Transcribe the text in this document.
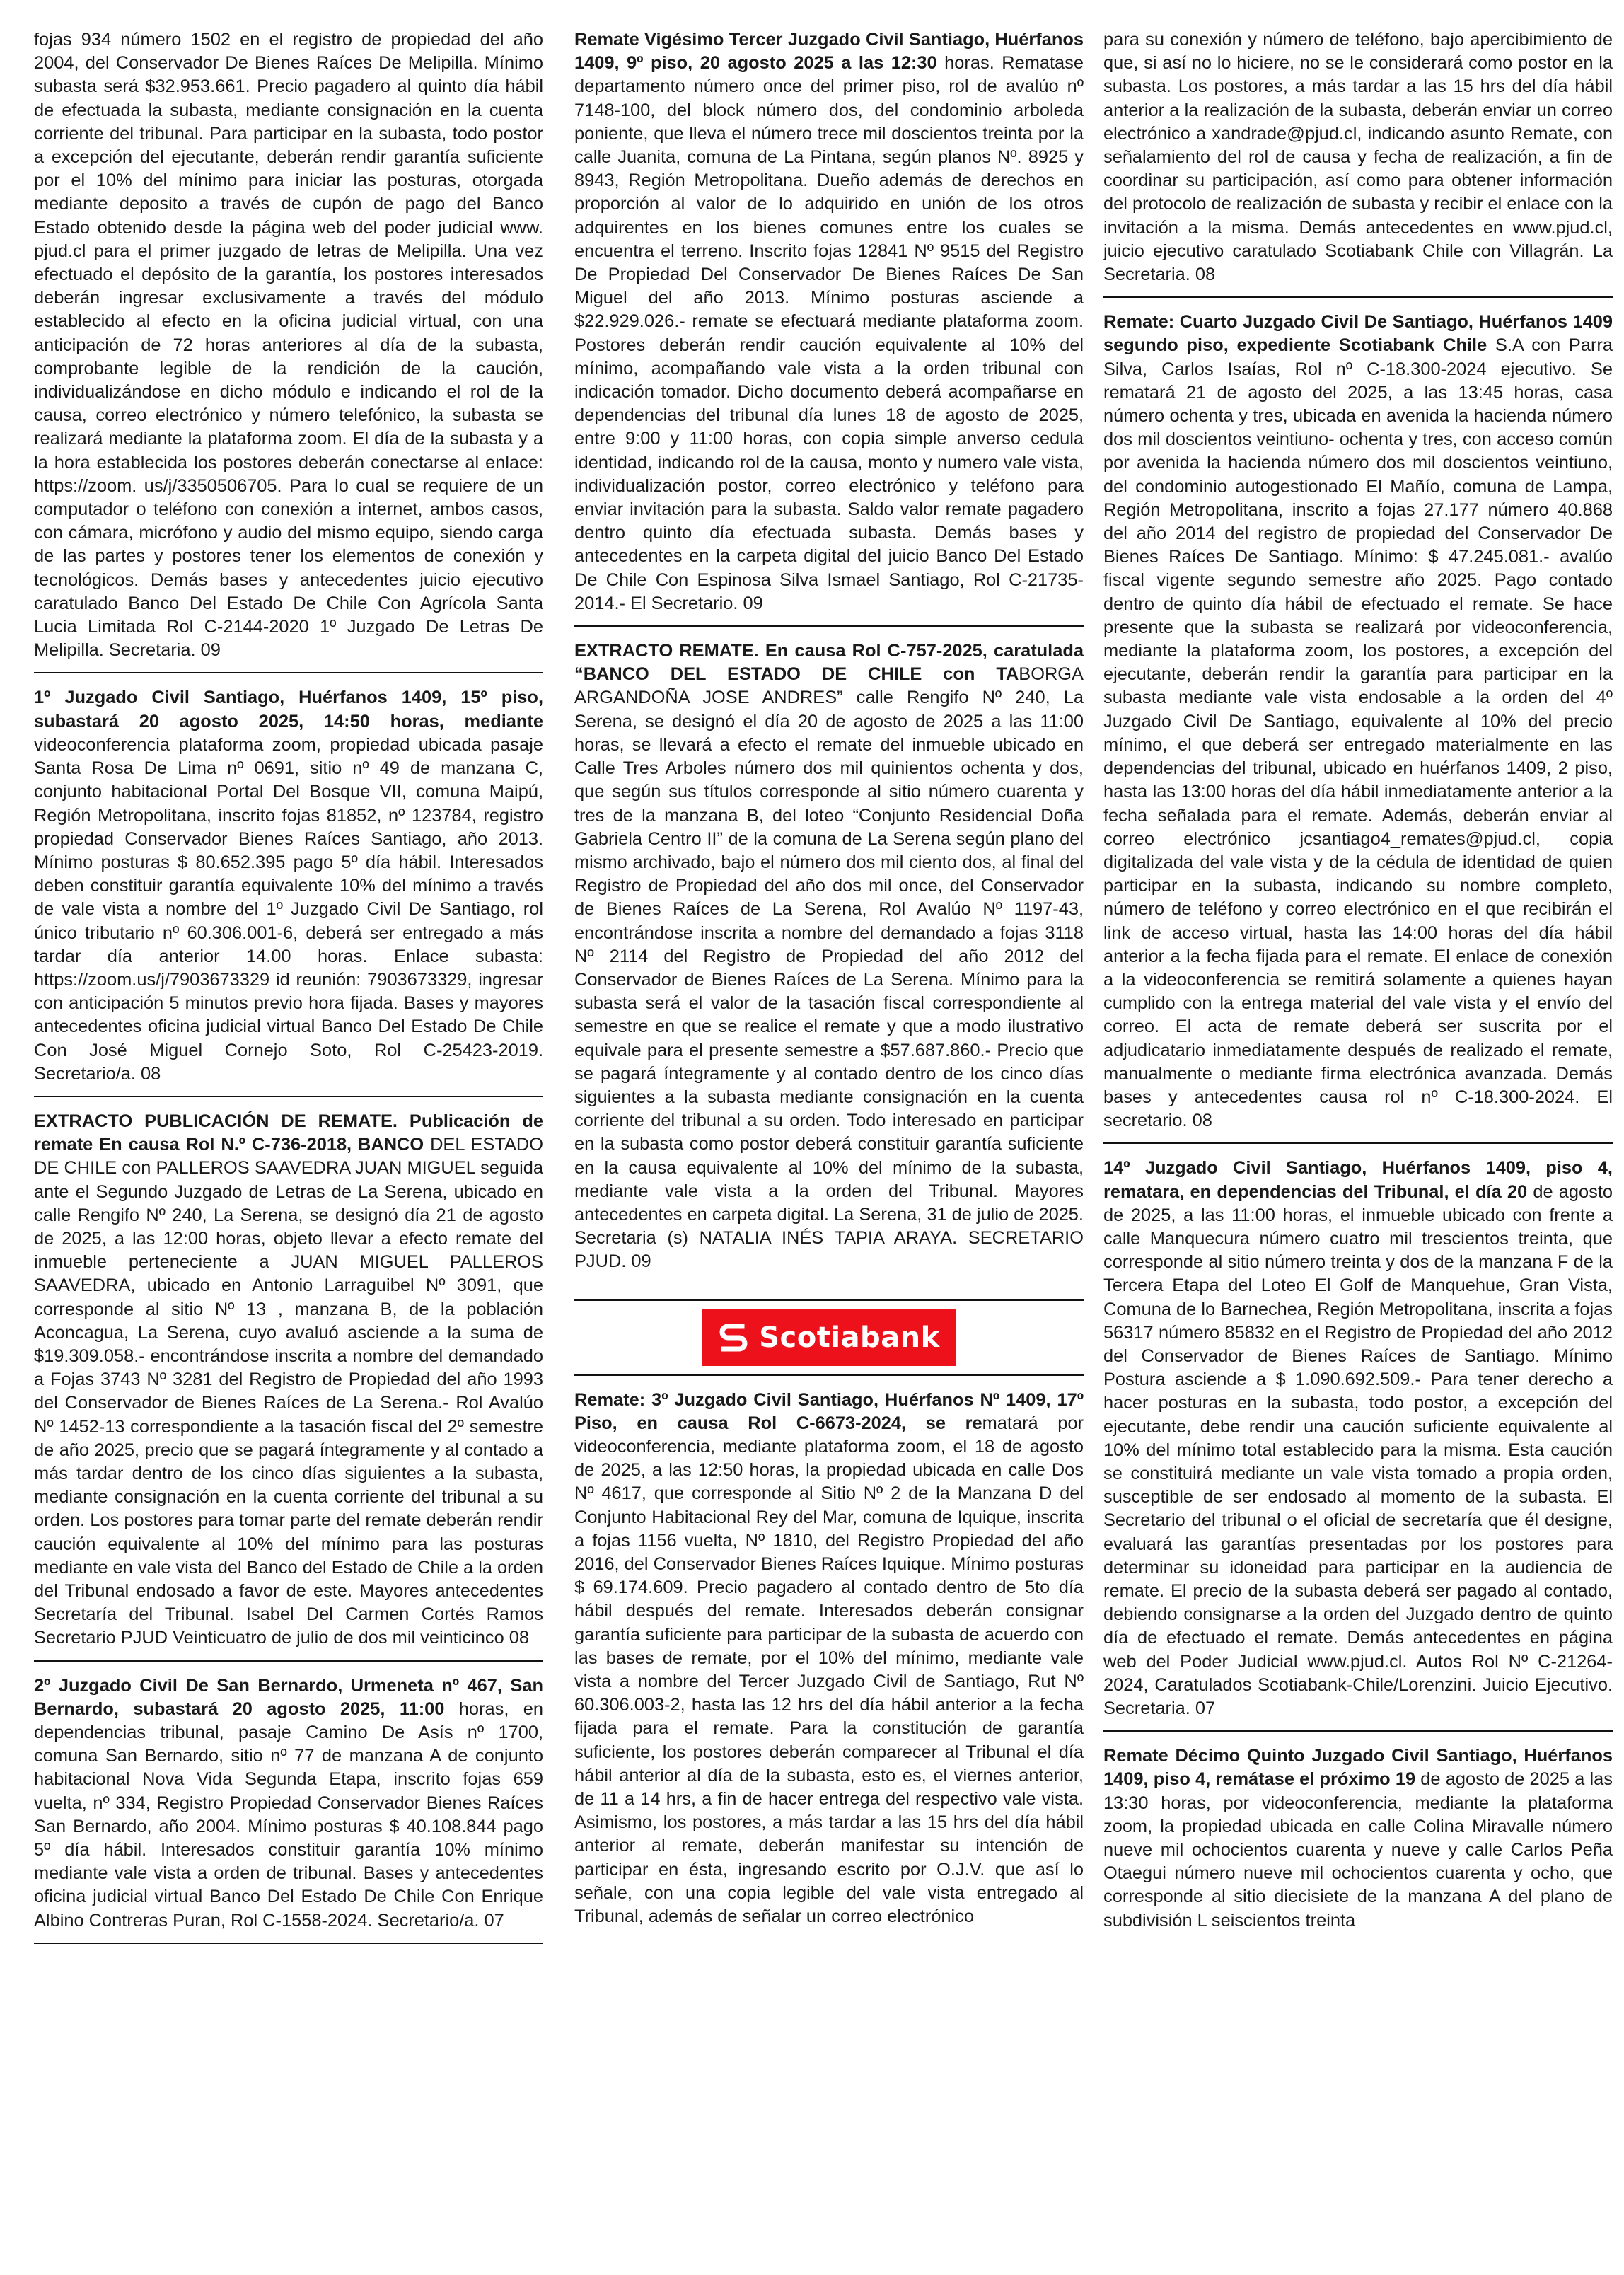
fojas 934 número 1502 en el registro de propiedad del año 2004, del Conservador De Bienes Raíces De Melipilla. Mínimo subasta será $32.953.661. Precio pagadero al quinto día hábil de efectuada la subasta, mediante consignación en la cuenta corriente del tribunal. Para participar en la subasta, todo postor a excepción del ejecutante, deberán rendir garantía suficiente por el 10% del mínimo para iniciar las posturas, otorgada mediante deposito a través de cupón de pago del Banco Estado obtenido desde la página web del poder judicial www. pjud.cl para el primer juzgado de letras de Melipilla. Una vez efectuado el depósito de la garantía, los postores interesados deberán ingresar exclusivamente a través del módulo establecido al efecto en la oficina judicial virtual, con una anticipación de 72 horas anteriores al día de la subasta, comprobante legible de la rendición de la caución, individualizándose en dicho módulo e indicando el rol de la causa, correo electrónico y número telefónico, la subasta se realizará mediante la plataforma zoom. El día de la subasta y a la hora establecida los postores deberán conectarse al enlace: https://zoom. us/j/3350506705. Para lo cual se requiere de un computador o teléfono con conexión a internet, ambos casos, con cámara, micrófono y audio del mismo equipo, siendo carga de las partes y postores tener los elementos de conexión y tecnológicos. Demás bases y antecedentes juicio ejecutivo caratulado Banco Del Estado De Chile Con Agrícola Santa Lucia Limitada Rol C-2144-2020 1º Juzgado De Letras De Melipilla. Secretaria. 09
1º Juzgado Civil Santiago, Huérfanos 1409, 15º piso, subastará 20 agosto 2025, 14:50 horas, mediante videoconferencia plataforma zoom, propiedad ubicada pasaje Santa Rosa De Lima nº 0691, sitio nº 49 de manzana C, conjunto habitacional Portal Del Bosque VII, comuna Maipú, Región Metropolitana, inscrito fojas 81852, nº 123784, registro propiedad Conservador Bienes Raíces Santiago, año 2013. Mínimo posturas $ 80.652.395 pago 5º día hábil. Interesados deben constituir garantía equivalente 10% del mínimo a través de vale vista a nombre del 1º Juzgado Civil De Santiago, rol único tributario nº 60.306.001-6, deberá ser entregado a más tardar día anterior 14.00 horas. Enlace subasta: https://zoom.us/j/7903673329 id reunión: 7903673329, ingresar con anticipación 5 minutos previo hora fijada. Bases y mayores antecedentes oficina judicial virtual Banco Del Estado De Chile Con José Miguel Cornejo Soto, Rol C-25423-2019. Secretario/a. 08
EXTRACTO PUBLICACIÓN DE REMATE. Publicación de remate En causa Rol N.º C-736-2018, BANCO DEL ESTADO DE CHILE con PALLEROS SAAVEDRA JUAN MIGUEL seguida ante el Segundo Juzgado de Letras de La Serena, ubicado en calle Rengifo Nº 240, La Serena, se designó día 21 de agosto de 2025, a las 12:00 horas, objeto llevar a efecto remate del inmueble perteneciente a JUAN MIGUEL PALLEROS SAAVEDRA, ubicado en Antonio Larraguibel Nº 3091, que corresponde al sitio Nº 13 , manzana B, de la población Aconcagua, La Serena, cuyo avaluó asciende a la suma de $19.309.058.- encontrándose inscrita a nombre del demandado a Fojas 3743 Nº 3281 del Registro de Propiedad del año 1993 del Conservador de Bienes Raíces de La Serena.- Rol Avalúo Nº 1452-13 correspondiente a la tasación fiscal del 2º semestre de año 2025, precio que se pagará íntegramente y al contado a más tardar dentro de los cinco días siguientes a la subasta, mediante consignación en la cuenta corriente del tribunal a su orden. Los postores para tomar parte del remate deberán rendir caución equivalente al 10% del mínimo para las posturas mediante en vale vista del Banco del Estado de Chile a la orden del Tribunal endosado a favor de este. Mayores antecedentes Secretaría del Tribunal. Isabel Del Carmen Cortés Ramos Secretario PJUD Veinticuatro de julio de dos mil veinticinco 08
2º Juzgado Civil De San Bernardo, Urmeneta nº 467, San Bernardo, subastará 20 agosto 2025, 11:00 horas, en dependencias tribunal, pasaje Camino De Asís nº 1700, comuna San Bernardo, sitio nº 77 de manzana A de conjunto habitacional Nova Vida Segunda Etapa, inscrito fojas 659 vuelta, nº 334, Registro Propiedad Conservador Bienes Raíces San Bernardo, año 2004. Mínimo posturas $ 40.108.844 pago 5º día hábil. Interesados constituir garantía 10% mínimo mediante vale vista a orden de tribunal. Bases y antecedentes oficina judicial virtual Banco Del Estado De Chile Con Enrique Albino Contreras Puran, Rol C-1558-2024. Secretario/a. 07
Remate Vigésimo Tercer Juzgado Civil Santiago, Huérfanos 1409, 9º piso, 20 agosto 2025 a las 12:30 horas. Rematase departamento número once del primer piso, rol de avalúo nº 7148-100, del block número dos, del condominio arboleda poniente, que lleva el número trece mil doscientos treinta por la calle Juanita, comuna de La Pintana, según planos Nº. 8925 y 8943, Región Metropolitana. Dueño además de derechos en proporción al valor de lo adquirido en unión de los otros adquirentes en los bienes comunes entre los cuales se encuentra el terreno. Inscrito fojas 12841 Nº 9515 del Registro De Propiedad Del Conservador De Bienes Raíces De San Miguel del año 2013. Mínimo posturas asciende a $22.929.026.- remate se efectuará mediante plataforma zoom. Postores deberán rendir caución equivalente al 10% del mínimo, acompañando vale vista a la orden tribunal con indicación tomador. Dicho documento deberá acompañarse en dependencias del tribunal día lunes 18 de agosto de 2025, entre 9:00 y 11:00 horas, con copia simple anverso cedula identidad, indicando rol de la causa, monto y numero vale vista, individualización postor, correo electrónico y teléfono para enviar invitación para la subasta. Saldo valor remate pagadero dentro quinto día efectuada subasta. Demás bases y antecedentes en la carpeta digital del juicio Banco Del Estado De Chile Con Espinosa Silva Ismael Santiago, Rol C-21735-2014.- El Secretario. 09
EXTRACTO REMATE. En causa Rol C-757-2025, caratulada “BANCO DEL ESTADO DE CHILE con TABORGA ARGANDOÑA JOSE ANDRES” calle Rengifo Nº 240, La Serena, se designó el día 20 de agosto de 2025 a las 11:00 horas, se llevará a efecto el remate del inmueble ubicado en Calle Tres Arboles número dos mil quinientos ochenta y dos, que según sus títulos corresponde al sitio número cuarenta y tres de la manzana B, del loteo “Conjunto Residencial Doña Gabriela Centro II” de la comuna de La Serena según plano del mismo archivado, bajo el número dos mil ciento dos, al final del Registro de Propiedad del año dos mil once, del Conservador de Bienes Raíces de La Serena, Rol Avalúo Nº 1197-43, encontrándose inscrita a nombre del demandado a fojas 3118 Nº 2114 del Registro de Propiedad del año 2012 del Conservador de Bienes Raíces de La Serena. Mínimo para la subasta será el valor de la tasación fiscal correspondiente al semestre en que se realice el remate y que a modo ilustrativo equivale para el presente semestre a $57.687.860.- Precio que se pagará íntegramente y al contado dentro de los cinco días siguientes a la subasta mediante consignación en la cuenta corriente del tribunal a su orden. Todo interesado en participar en la subasta como postor deberá constituir garantía suficiente en la causa equivalente al 10% del mínimo de la subasta, mediante vale vista a la orden del Tribunal. Mayores antecedentes en carpeta digital. La Serena, 31 de julio de 2025. Secretaria (s) NATALIA INÉS TAPIA ARAYA. SECRETARIO PJUD. 09
Scotiabank
Remate: 3º Juzgado Civil Santiago, Huérfanos Nº 1409, 17º Piso, en causa Rol C-6673-2024, se rematará por videoconferencia, mediante plataforma zoom, el 18 de agosto de 2025, a las 12:50 horas, la propiedad ubicada en calle Dos Nº 4617, que corresponde al Sitio Nº 2 de la Manzana D del Conjunto Habitacional Rey del Mar, comuna de Iquique, inscrita a fojas 1156 vuelta, Nº 1810, del Registro Propiedad del año 2016, del Conservador Bienes Raíces Iquique. Mínimo posturas $ 69.174.609. Precio pagadero al contado dentro de 5to día hábil después del remate. Interesados deberán consignar garantía suficiente para participar de la subasta de acuerdo con las bases de remate, por el 10% del mínimo, mediante vale vista a nombre del Tercer Juzgado Civil de Santiago, Rut Nº 60.306.003-2, hasta las 12 hrs del día hábil anterior a la fecha fijada para el remate. Para la constitución de garantía suficiente, los postores deberán comparecer al Tribunal el día hábil anterior al día de la subasta, esto es, el viernes anterior, de 11 a 14 hrs, a fin de hacer entrega del respectivo vale vista. Asimismo, los postores, a más tardar a las 15 hrs del día hábil anterior al remate, deberán manifestar su intención de participar en ésta, ingresando escrito por O.J.V. que así lo señale, con una copia legible del vale vista entregado al Tribunal, además de señalar un correo electrónico
para su conexión y número de teléfono, bajo apercibimiento de que, si así no lo hiciere, no se le considerará como postor en la subasta. Los postores, a más tardar a las 15 hrs del día hábil anterior a la realización de la subasta, deberán enviar un correo electrónico a xandrade@pjud.cl, indicando asunto Remate, con señalamiento del rol de causa y fecha de realización, a fin de coordinar su participación, así como para obtener información del protocolo de realización de subasta y recibir el enlace con la invitación a la misma. Demás antecedentes en www.pjud.cl, juicio ejecutivo caratulado Scotiabank Chile con Villagrán. La Secretaria. 08
Remate: Cuarto Juzgado Civil De Santiago, Huérfanos 1409 segundo piso, expediente Scotiabank Chile S.A con Parra Silva, Carlos Isaías, Rol nº C-18.300-2024 ejecutivo. Se rematará 21 de agosto del 2025, a las 13:45 horas, casa número ochenta y tres, ubicada en avenida la hacienda número dos mil doscientos veintiuno- ochenta y tres, con acceso común por avenida la hacienda número dos mil doscientos veintiuno, del condominio autogestionado El Mañío, comuna de Lampa, Región Metropolitana, inscrito a fojas 27.177 número 40.868 del año 2014 del registro de propiedad del Conservador De Bienes Raíces De Santiago. Mínimo: $ 47.245.081.- avalúo fiscal vigente segundo semestre año 2025. Pago contado dentro de quinto día hábil de efectuado el remate. Se hace presente que la subasta se realizará por videoconferencia, mediante la plataforma zoom, los postores, a excepción del ejecutante, deberán rendir la garantía para participar en la subasta mediante vale vista endosable a la orden del 4º Juzgado Civil De Santiago, equivalente al 10% del precio mínimo, el que deberá ser entregado materialmente en las dependencias del tribunal, ubicado en huérfanos 1409, 2 piso, hasta las 13:00 horas del día hábil inmediatamente anterior a la fecha señalada para el remate. Además, deberán enviar al correo electrónico jcsantiago4_remates@pjud.cl, copia digitalizada del vale vista y de la cédula de identidad de quien participar en la subasta, indicando su nombre completo, número de teléfono y correo electrónico en el que recibirán el link de acceso virtual, hasta las 14:00 horas del día hábil anterior a la fecha fijada para el remate. El enlace de conexión a la videoconferencia se remitirá solamente a quienes hayan cumplido con la entrega material del vale vista y el envío del correo. El acta de remate deberá ser suscrita por el adjudicatario inmediatamente después de realizado el remate, manualmente o mediante firma electrónica avanzada. Demás bases y antecedentes causa rol nº C-18.300-2024. El secretario. 08
14º Juzgado Civil Santiago, Huérfanos 1409, piso 4, rematara, en dependencias del Tribunal, el día 20 de agosto de 2025, a las 11:00 horas, el inmueble ubicado con frente a calle Manquecura número cuatro mil trescientos treinta, que corresponde al sitio número treinta y dos de la manzana F de la Tercera Etapa del Loteo El Golf de Manquehue, Gran Vista, Comuna de lo Barnechea, Región Metropolitana, inscrita a fojas 56317 número 85832 en el Registro de Propiedad del año 2012 del Conservador de Bienes Raíces de Santiago. Mínimo Postura asciende a $ 1.090.692.509.- Para tener derecho a hacer posturas en la subasta, todo postor, a excepción del ejecutante, debe rendir una caución suficiente equivalente al 10% del mínimo total establecido para la misma. Esta caución se constituirá mediante un vale vista tomado a propia orden, susceptible de ser endosado al momento de la subasta. El Secretario del tribunal o el oficial de secretaría que él designe, evaluará las garantías presentadas por los postores para determinar su idoneidad para participar en la audiencia de remate. El precio de la subasta deberá ser pagado al contado, debiendo consignarse a la orden del Juzgado dentro de quinto día de efectuado el remate. Demás antecedentes en página web del Poder Judicial www.pjud.cl. Autos Rol Nº C-21264-2024, Caratulados Scotiabank-Chile/Lorenzini. Juicio Ejecutivo. Secretaria. 07
Remate Décimo Quinto Juzgado Civil Santiago, Huérfanos 1409, piso 4, remátase el próximo 19 de agosto de 2025 a las 13:30 horas, por videoconferencia, mediante la plataforma zoom, la propiedad ubicada en calle Colina Miravalle número nueve mil ochocientos cuarenta y nueve y calle Carlos Peña Otaegui número nueve mil ochocientos cuarenta y ocho, que corresponde al sitio diecisiete de la manzana A del plano de subdivisión L seiscientos treinta
